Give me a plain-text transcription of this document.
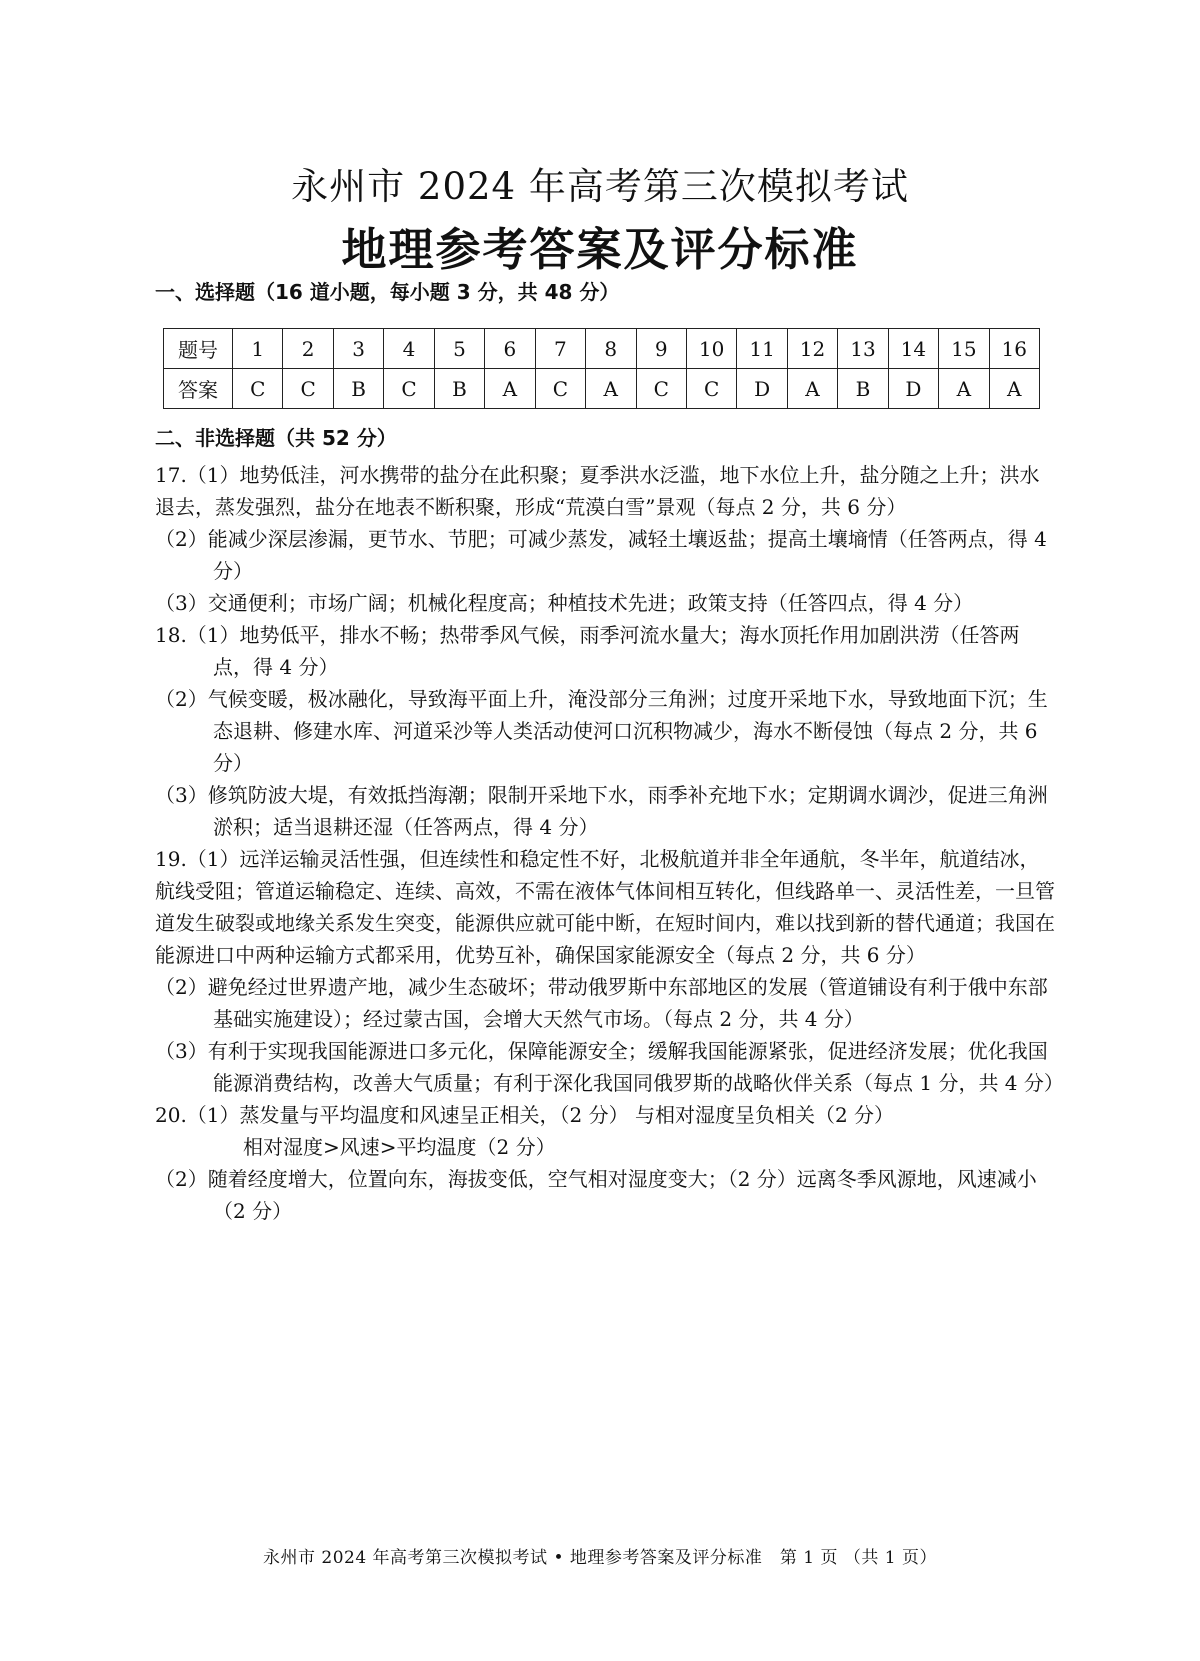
永州市 2024 年高考第三次模拟考试
地理参考答案及评分标准
一、选择题（16 道小题，每小题 3 分，共 48 分）
题号	1	2	3	4	5	6	7	8	9	10	11	12	13	14	15	16
答案	C	C	B	C	B	A	C	A	C	C	D	A	B	D	A	A
二、非选择题（共 52 分）

17.（1）地势低洼，河水携带的盐分在此积聚；夏季洪水泛滥，地下水位上升，盐分随之上升；洪水退去，蒸发强烈，盐分在地表不断积聚，形成“荒漠白雪”景观（每点 2 分，共 6 分）

（2）能减少深层渗漏，更节水、节肥；可减少蒸发，减轻土壤返盐；提高土壤墒情（任答两点，得 4 分）

（3）交通便利；市场广阔；机械化程度高；种植技术先进；政策支持（任答四点，得 4 分）

18.（1）地势低平，排水不畅；热带季风气候，雨季河流水量大；海水顶托作用加剧洪涝（任答两点，得 4 分）

（2）气候变暖，极冰融化，导致海平面上升，淹没部分三角洲；过度开采地下水，导致地面下沉；生态退耕、修建水库、河道采沙等人类活动使河口沉积物减少，海水不断侵蚀（每点 2 分，共 6 分）

（3）修筑防波大堤，有效抵挡海潮；限制开采地下水，雨季补充地下水；定期调水调沙，促进三角洲淤积；适当退耕还湿（任答两点，得 4 分）

19.（1）远洋运输灵活性强，但连续性和稳定性不好，北极航道并非全年通航，冬半年，航道结冰，航线受阻；管道运输稳定、连续、高效，不需在液体气体间相互转化，但线路单一、灵活性差，一旦管道发生破裂或地缘关系发生突变，能源供应就可能中断，在短时间内，难以找到新的替代通道；我国在能源进口中两种运输方式都采用，优势互补，确保国家能源安全（每点 2 分，共 6 分）

（2）避免经过世界遗产地，减少生态破坏；带动俄罗斯中东部地区的发展（管道铺设有利于俄中东部基础实施建设）；经过蒙古国，会增大天然气市场。（每点 2 分，共 4 分）

（3）有利于实现我国能源进口多元化，保障能源安全；缓解我国能源紧张，促进经济发展；优化我国能源消费结构，改善大气质量；有利于深化我国同俄罗斯的战略伙伴关系（每点 1 分，共 4 分）

20.（1）蒸发量与平均温度和风速呈正相关，（2 分） 与相对湿度呈负相关（2 分）

相对湿度>风速>平均温度（2 分）

（2）随着经度增大，位置向东，海拔变低，空气相对湿度变大；（2 分）远离冬季风源地，风速减小（2 分）

永州市 2024 年高考第三次模拟考试 • 地理参考答案及评分标准　第 1 页 （共 1 页）
